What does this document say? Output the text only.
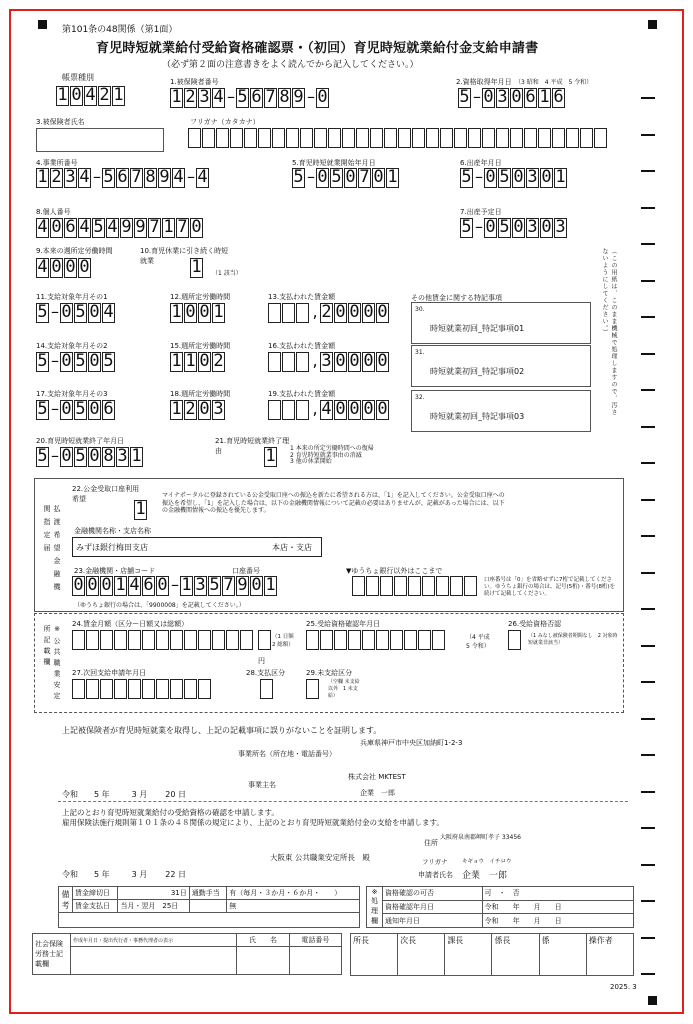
第101条の48関係（第1面）
育児時短就業給付受給資格確認票・（初回）育児時短就業給付金支給申請書
（必ず第２面の注意書きをよく読んでから記入してください。）
帳票種別
1 0 4 2 1
1.被保険者番号
1 2 3 4 – 5 6 7 8 9 – 0
2.資格取得年月日 （3 昭和　4 平成　5 令和）
5 – 0 3 0 6 1 6
3.被保険者氏名	フリガナ（カタカナ）
4.事業所番号
1 2 3 4 – 5 6 7 8 9 4 – 4
5.育児時短就業開始年月日
5 – 0 5 0 7 0 1
6.出産年月日
5 – 0 5 0 3 0 1
8.個人番号
4 0 6 4 5 4 9 9 7 1 7 0
7.出産予定日
5 – 0 5 0 3 0 3
9.本来の週所定労働時間
4 0 0 0
10.育児休業に引き続く時短就業	1 （1 該当）	（この用紙は、このまま機械で処理しますので、汚さないようにしてください。）
11.支給対象年月その1
5 – 0 5 0 4
12.週所定労働時間
1 0 0 1
13.支払われた賃金額
, 2 0 0 0 0
14.支給対象年月その2
5 – 0 5 0 5
15.週所定労働時間
1 1 0 2
16.支払われた賃金額
, 3 0 0 0 0
17.支給対象年月その3
5 – 0 5 0 6
18.週所定労働時間
1 2 0 3
19.支払われた賃金額
, 4 0 0 0 0
その他賃金に関する特記事項
30.
時短就業初回_特記事項01
31.
時短就業初回_特記事項02
32.
時短就業初回_特記事項03
20.育児時短就業終了年月日
5 – 0 5 0 8 3 1
21.育児時短就業終了理由	1 1 本来の所定労働時間への復帰
2 育児時短就業事由の消滅
3 他の休業開始
払渡希望金融機関指定届
22.公金受取口座利用希望	1
マイナポータルに登録されている公金受取口座への振込を新たに希望される方は、「1」を記入してください。公金受取口座への振込を希望し、「1」を記入した場合は、以下の金融機関情報について記載の必要はありませんが、記載があった場合には、以下の金融機関情報への振込を優先します。
金融機関名称・支店名称
みずほ銀行梅田支店	本店・支店
23.金融機関・店舗コード	口座番号	▼ゆうちょ銀行以外はここまで
0 0 0 1 4 6 0 – 1 3 5 7 9 0 1	口座番号は「0」を省略せずに7桁で記載してください。ゆうちょ銀行の場合は、記号(5桁)・番号(8桁)を続けて記載してください。
（ゆうちょ銀行の場合は、「9900008」を記載してください。）
※公共職業安定所記載欄
24.賃金月額（区分ー日額又は総額）
円
（1 日額　2 総額）
25.受給資格確認年月日
（4 平成　5 令和）
26.受給資格否認
（1 みなし被保険者期間なし　2 対象時短就業非該当）
27.次回支給申請年月日	28.支払区分	29.未支給区分
（空欄 未支給以外　1 未支給）
上記被保険者が育児時短就業を取得し、上記の記載事項に誤りがないことを証明します。
兵庫県神戸市中央区加納町1-2-3
事業所名（所在地・電話番号）
株式会社 MKTEST
事業主名
企業　一郎
令和 5 年	3 月 20 日
上記のとおり育児時短就業給付の受給資格の確認を申請します。
雇用保険法施行規則第１０１条の４８関係の規定により、上記のとおり育児時短就業給付金の支給を申請します。
大阪府泉南郡岬町孝子 33456
住所
大阪東 公共職業安定所長　殿	フリガナ	キギョウ　イチロウ
申請者氏名 企業　一郎
令和 5 年	3 月 22 日
備考	賃金締切日	31日	通勤手当	有（毎月・３か月・６か月・　　）
	賃金支払日	当月・翌月　25日		無
※処理欄	資格確認の可否	可　・　否
	資格確認年月日	令和　　年　　月　　日
	通知年月日	令和　　年　　月　　日
社会保険労務士記載欄	作成年月日・提出代行者・事務代理者の表示	氏　　名	電話番号
			所長	次長	課長	係長	係	操作者
2025. 3
